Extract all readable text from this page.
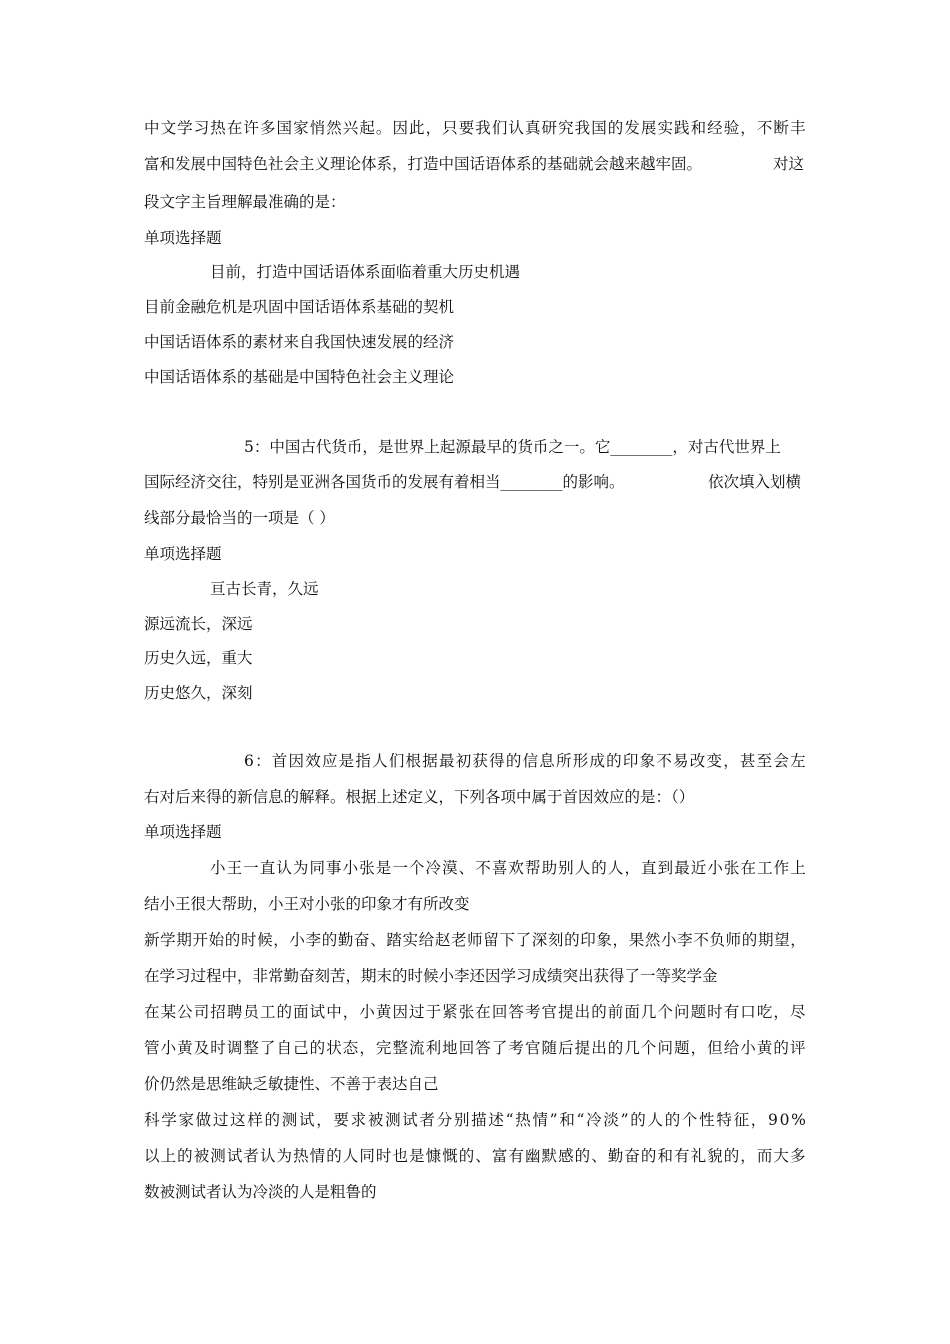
中 文 学 习 热 在 许 多 国 家 悄 然 兴 起 。 因 此 ， 只 要 我 们 认 真 研 究 我 国 的 发 展 实 践 和 经 验 ， 不 断 丰
富和发展中国特色社会主义理论体系，打造中国话语体系的基础就会越来越牢固。	对这
段文字主旨理解最准确的是：
单项选择题
目前，打造中国话语体系面临着重大历史机遇
目前金融危机是巩固中国话语体系基础的契机
中国话语体系的素材来自我国快速发展的经济
中国话语体系的基础是中国特色社会主义理论
5：中国古代货币，是世界上起源最早的货币之一。它________，对古代世界上
国际经济交往，特别是亚洲各国货币的发展有着相当________的影响。	依次填入划横
线部分最恰当的一项是（ ）
单项选择题
亘古长青，久远
源远流长，深远
历史久远，重大
历史悠久，深刻
6 ： 首 因 效 应 是 指 人 们 根 据 最 初 获 得 的 信 息 所 形 成 的 印 象 不 易 改 变 ， 甚 至 会 左
右对后来得的新信息的解释。根据上述定义，下列各项中属于首因效应的是：（）
单项选择题
小 王 一 直 认 为 同 事 小 张 是 一 个 冷 漠 、 不 喜 欢 帮 助 别 人 的 人 ， 直 到 最 近 小 张 在 工 作 上
结小王很大帮助，小王对小张的印象才有所改变
新 学 期 开 始 的 时 候 ， 小 李 的 勤 奋 、 踏 实 给 赵 老 师 留 下 了 深 刻 的 印 象 ， 果 然 小 李 不 负 师 的 期 望 ，
在学习过程中，非常勤奋刻苦，期末的时候小李还因学习成绩突出获得了一等奖学金
在 某 公 司 招 聘 员 工 的 面 试 中 ， 小 黄 因 过 于 紧 张 在 回 答 考 官 提 出 的 前 面 几 个 问 题 时 有 口 吃 ， 尽
管 小 黄 及 时 调 整 了 自 己 的 状 态 ， 完 整 流 利 地 回 答 了 考 官 随 后 提 出 的 几 个 问 题 ， 但 给 小 黄 的 评
价仍然是思维缺乏敏捷性、不善于表达自己
科 学 家 做 过 这 样 的 测 试 ， 要 求 被 测 试 者 分 别 描 述 “ 热 情 ” 和 “ 冷 淡 ” 的 人 的 个 性 特 征 ， 9 0 %
以 上 的 被 测 试 者 认 为 热 情 的 人 同 时 也 是 慷 慨 的 、 富 有 幽 默 感 的 、 勤 奋 的 和 有 礼 貌 的 ， 而 大 多
数被测试者认为冷淡的人是粗鲁的
